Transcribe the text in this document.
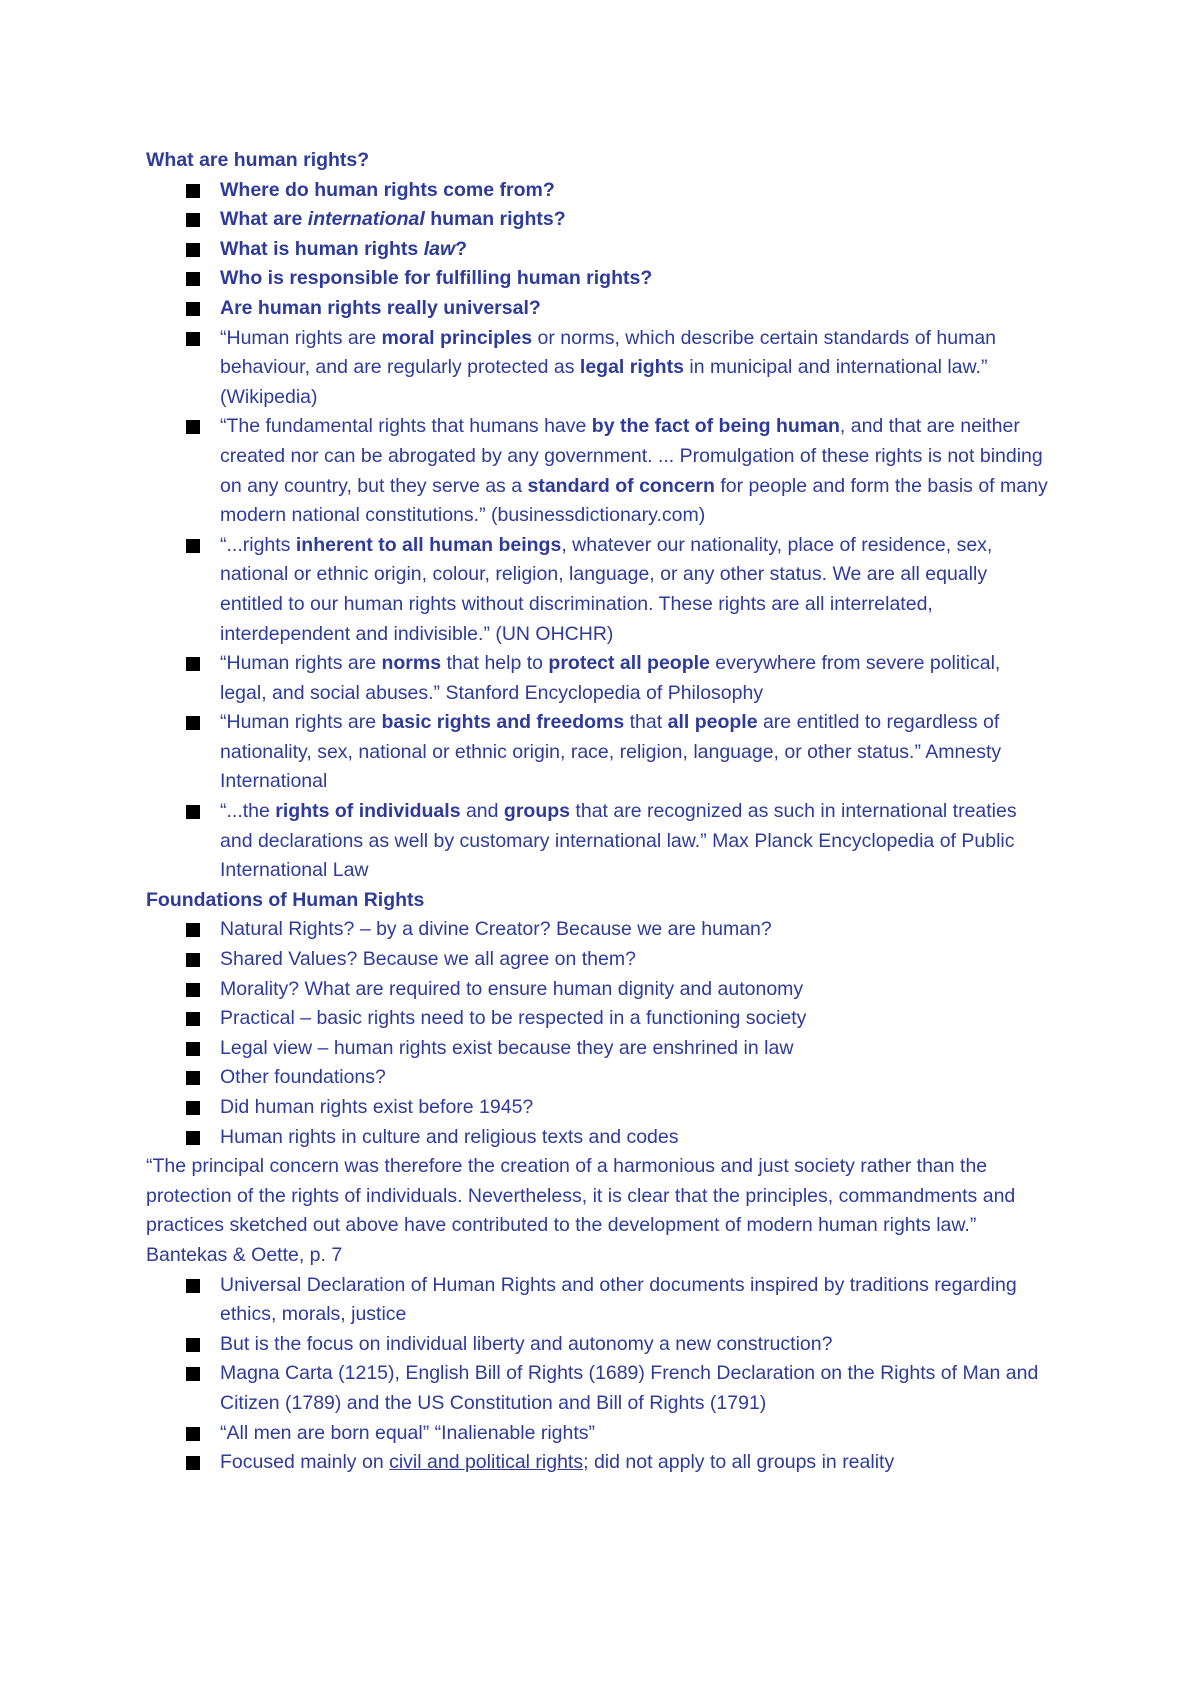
What are human rights?

Where do human rights come from?
What are international human rights?
What is human rights law?
Who is responsible for fulfilling human rights?
Are human rights really universal?
“Human rights are moral principles or norms, which describe certain standards of human behaviour, and are regularly protected as legal rights in municipal and international law.” (Wikipedia)
“The fundamental rights that humans have by the fact of being human, and that are neither created nor can be abrogated by any government. ... Promulgation of these rights is not binding on any country, but they serve as a standard of concern for people and form the basis of many modern national constitutions.” (businessdictionary.com)
“...rights inherent to all human beings, whatever our nationality, place of residence, sex, national or ethnic origin, colour, religion, language, or any other status. We are all equally entitled to our human rights without discrimination. These rights are all interrelated, interdependent and indivisible.” (UN OHCHR)
“Human rights are norms that help to protect all people everywhere from severe political, legal, and social abuses.” Stanford Encyclopedia of Philosophy
“Human rights are basic rights and freedoms that all people are entitled to regardless of nationality, sex, national or ethnic origin, race, religion, language, or other status.” Amnesty International
“...the rights of individuals and groups that are recognized as such in international treaties and declarations as well by customary international law.” Max Planck Encyclopedia of Public International Law

Foundations of Human Rights

Natural Rights? – by a divine Creator? Because we are human?
Shared Values? Because we all agree on them?
Morality? What are required to ensure human dignity and autonomy
Practical – basic rights need to be respected in a functioning society
Legal view – human rights exist because they are enshrined in law
Other foundations?
Did human rights exist before 1945?
Human rights in culture and religious texts and codes

“The principal concern was therefore the creation of a harmonious and just society rather than the protection of the rights of individuals. Nevertheless, it is clear that the principles, commandments and practices sketched out above have contributed to the development of modern human rights law.” Bantekas & Oette, p. 7

Universal Declaration of Human Rights and other documents inspired by traditions regarding ethics, morals, justice
But is the focus on individual liberty and autonomy a new construction?
Magna Carta (1215), English Bill of Rights (1689) French Declaration on the Rights of Man and Citizen (1789) and the US Constitution and Bill of Rights (1791)
“All men are born equal” “Inalienable rights”
Focused mainly on civil and political rights; did not apply to all groups in reality
